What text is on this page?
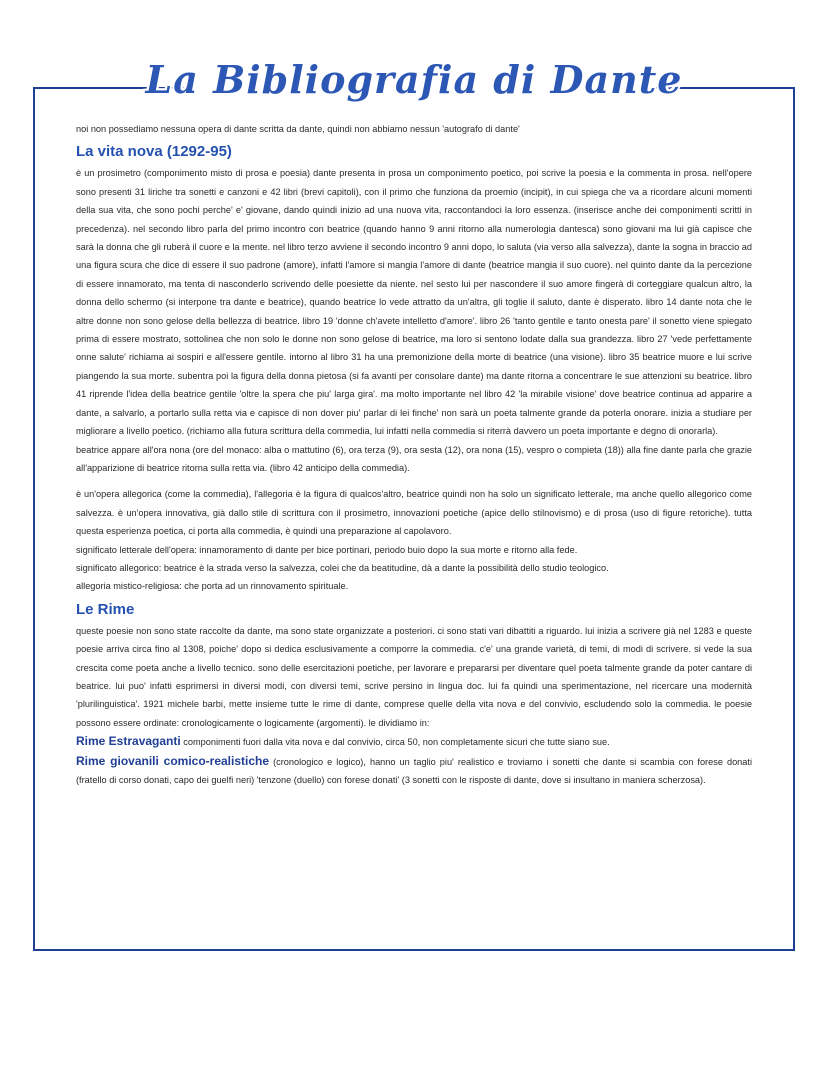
La Bibliografia di Dante

noi non possediamo nessuna opera di dante scritta da dante, quindi non abbiamo nessun 'autografo di dante'

La vita nova (1292-95)

è un prosimetro (componimento misto di prosa e poesia) dante presenta in prosa un componimento poetico, poi scrive la poesia e la commenta in prosa. nell'opere sono presenti 31 liriche tra sonetti e canzoni e 42 libri (brevi capitoli), con il primo che funziona da proemio (incipit), in cui spiega che va a ricordare alcuni momenti della sua vita, che sono pochi perche' e' giovane, dando quindi inizio ad una nuova vita, raccontandoci la loro essenza. (inserisce anche dei componimenti scritti in precedenza). nel secondo libro parla del primo incontro con beatrice (quando hanno 9 anni ritorno alla numerologia dantesca) sono giovani ma lui già capisce che sarà la donna che gli ruberà il cuore e la mente. nel libro terzo avviene il secondo incontro 9 anni dopo, lo saluta (via verso alla salvezza), dante la sogna in braccio ad una figura scura che dice di essere il suo padrone (amore), infatti l'amore si mangia l'amore di dante (beatrice mangia il suo cuore). nel quinto dante da la percezione di essere innamorato, ma tenta di nasconderlo scrivendo delle poesiette da niente. nel sesto lui per nascondere il suo amore fingerà di corteggiare qualcun altro, la donna dello schermo (si interpone tra dante e beatrice), quando beatrice lo vede attratto da un'altra, gli toglie il saluto, dante è disperato. libro 14 dante nota che le altre donne non sono gelose della bellezza di beatrice. libro 19 'donne ch'avete intelletto d'amore'. libro 26 'tanto gentile e tanto onesta pare' il sonetto viene spiegato prima di essere mostrato, sottolinea che non solo le donne non sono gelose di beatrice, ma loro si sentono lodate dalla sua grandezza. libro 27 'vede perfettamente onne salute' richiama ai sospiri e all'essere gentile. intorno al libro 31 ha una premonizione della morte di beatrice (una visione). libro 35 beatrice muore e lui scrive piangendo la sua morte. subentra poi la figura della donna pietosa (si fa avanti per consolare dante) ma dante ritorna a concentrare le sue attenzioni su beatrice. libro 41 riprende l'idea della beatrice gentile 'oltre la spera che piu' larga gira'. ma molto importante nel libro 42 'la mirabile visione' dove beatrice continua ad apparire a dante, a salvarlo, a portarlo sulla retta via e capisce di non dover piu' parlar di lei finche' non sarà un poeta talmente grande da poterla onorare. inizia a studiare per migliorare a livello poetico. (richiamo alla futura scrittura della commedia, lui infatti nella commedia si riterrà davvero un poeta importante e degno di onorarla).

beatrice appare all'ora nona (ore del monaco: alba o mattutino (6), ora terza (9), ora sesta (12), ora nona (15), vespro o compieta (18)) alla fine dante parla che grazie all'apparizione di beatrice ritorna sulla retta via. (libro 42 anticipo della commedia).

è un'opera allegorica (come la commedia), l'allegoria è la figura di qualcos'altro, beatrice quindi non ha solo un significato letterale, ma anche quello allegorico come salvezza. è un'opera innovativa, già dallo stile di scrittura con il prosimetro, innovazioni poetiche (apice dello stilnovismo) e di prosa (uso di figure retoriche). tutta questa esperienza poetica, ci porta alla commedia, è quindi una preparazione al capolavoro.

significato letterale dell'opera: innamoramento di dante per bice portinari, periodo buio dopo la sua morte e ritorno alla fede.

significato allegorico: beatrice è la strada verso la salvezza, colei che da beatitudine, dà a dante la possibilità dello studio teologico.

allegoria mistico-religiosa: che porta ad un rinnovamento spirituale.

Le Rime

queste poesie non sono state raccolte da dante, ma sono state organizzate a posteriori. ci sono stati vari dibattiti a riguardo. lui inizia a scrivere già nel 1283 e queste poesie arriva circa fino al 1308, poiche' dopo si dedica esclusivamente a comporre la commedia. c'e' una grande varietà, di temi, di modi di scrivere. si vede la sua crescita come poeta anche a livello tecnico. sono delle esercitazioni poetiche, per lavorare e prepararsi per diventare quel poeta talmente grande da poter cantare di beatrice. lui puo' infatti esprimersi in diversi modi, con diversi temi, scrive persino in lingua doc. lui fa quindi una sperimentazione, nel ricercare una modernità 'plurilinguistica'. 1921 michele barbi, mette insieme tutte le rime di dante, comprese quelle della vita nova e del convivio, escludendo solo la commedia. le poesie possono essere ordinate: cronologicamente o logicamente (argomenti). le dividiamo in:

Rime Estravaganti componimenti fuori dalla vita nova e dal convivio, circa 50, non completamente sicuri che tutte siano sue.

Rime giovanili comico-realistiche (cronologico e logico), hanno un taglio piu' realistico e troviamo i sonetti che dante si scambia con forese donati (fratello di corso donati, capo dei guelfi neri) 'tenzone (duello) con forese donati' (3 sonetti con le risposte di dante, dove si insultano in maniera scherzosa).
